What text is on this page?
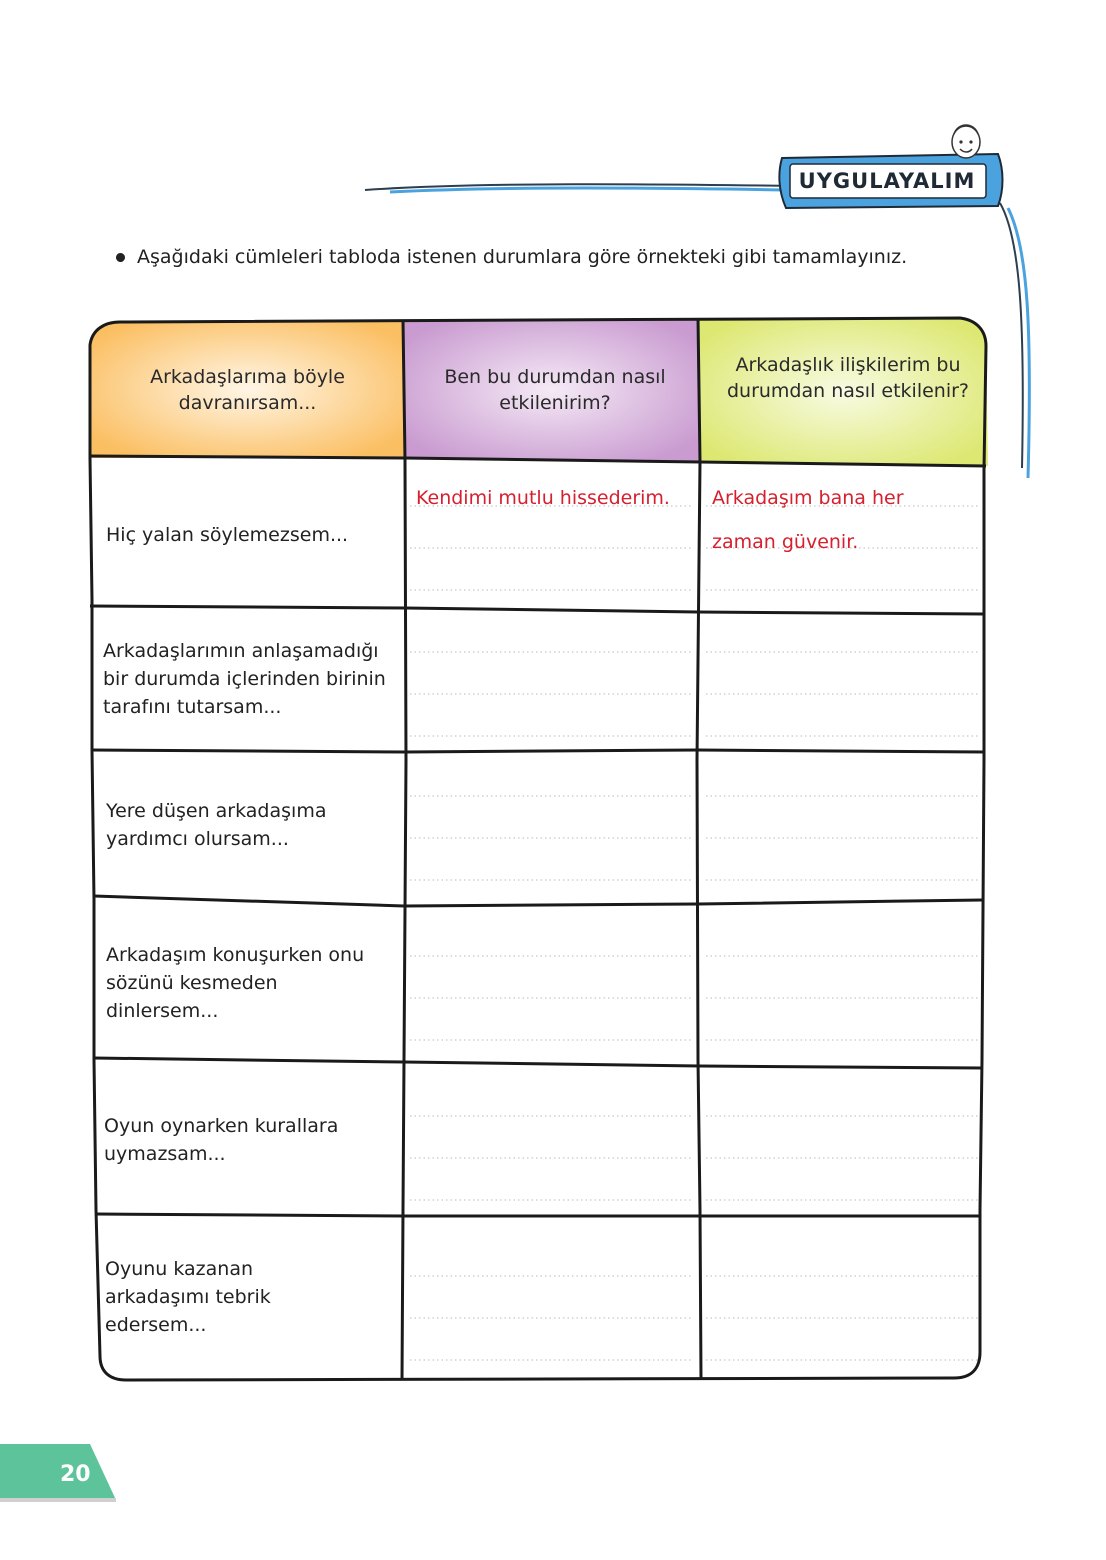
UYGULAYALIM
Aşağıdaki cümleleri tabloda istenen durumlara göre örnekteki gibi tamamlayınız.
Arkadaşlarıma böyle davranırsam...
Ben bu durumdan nasıl etkilenirim?
Arkadaşlık ilişkilerim bu durumdan nasıl etkilenir?
Hiç yalan söylemezsem...
Arkadaşlarımın anlaşamadığı bir durumda içlerinden birinin tarafını tutarsam...
Yere düşen arkadaşıma yardımcı olursam...
Arkadaşım konuşurken onu sözünü kesmeden dinlersem...
Oyun oynarken kurallara uymazsam...
Oyunu kazanan arkadaşımı tebrik edersem...
Kendimi mutlu hissederim. Arkadaşım bana her
zaman güvenir.
20
